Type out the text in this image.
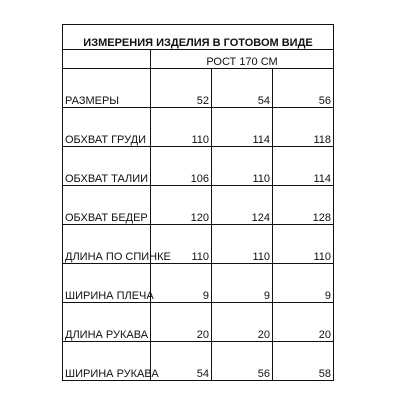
ИЗМЕРЕНИЯ ИЗДЕЛИЯ В ГОТОВОМ ВИДЕ			
	РОСТ 170 СМ		

РАЗМЕРЫ	52	54	56
ОБХВАТ ГРУДИ	110	114	118
ОБХВАТ ТАЛИИ	106	110	114
ОБХВАТ БЕДЕР	120	124	128
ДЛИНА ПО СПИНКЕ	110	110	110
ШИРИНА ПЛЕЧА	9	9	9
ДЛИНА РУКАВА	20	20	20
ШИРИНА РУКАВА	54	56	58
